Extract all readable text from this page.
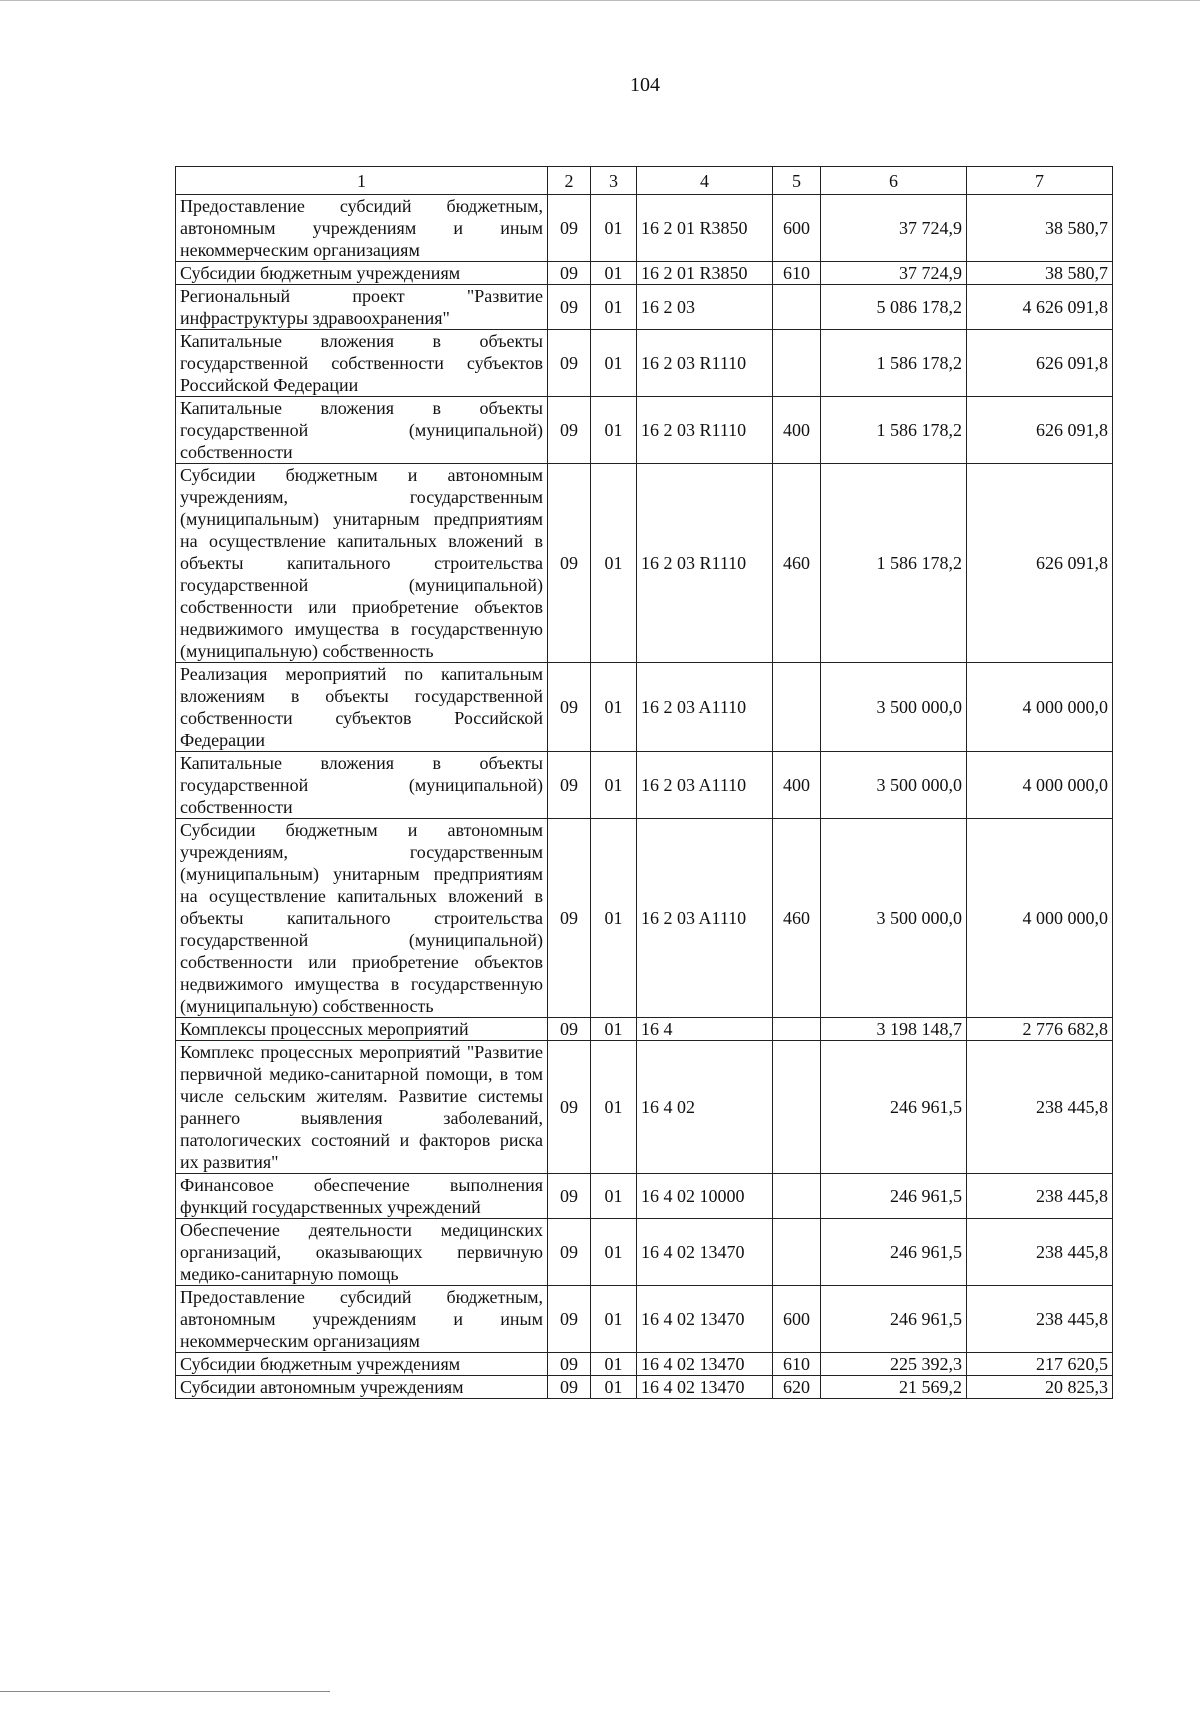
104
1	2	3	4	5	6	7
Предоставление субсидий бюджетным, автономным учреждениям и иным некоммерческим организациям	09	01	16 2 01 R3850	600	37 724,9	38 580,7
Субсидии бюджетным учреждениям	09	01	16 2 01 R3850	610	37 724,9	38 580,7
Региональный проект "Развитие инфраструктуры здравоохранения"	09	01	16 2 03		5 086 178,2	4 626 091,8
Капитальные вложения в объекты государственной собственности субъектов Российской Федерации	09	01	16 2 03 R1110		1 586 178,2	626 091,8
Капитальные вложения в объекты государственной (муниципальной) собственности	09	01	16 2 03 R1110	400	1 586 178,2	626 091,8
Субсидии бюджетным и автономным учреждениям, государственным (муниципальным) унитарным предприятиям на осуществление капитальных вложений в объекты капитального строительства государственной (муниципальной) собственности или приобретение объектов недвижимого имущества в государственную (муниципальную) собственность	09	01	16 2 03 R1110	460	1 586 178,2	626 091,8
Реализация мероприятий по капитальным вложениям в объекты государственной собственности субъектов Российской Федерации	09	01	16 2 03 A1110		3 500 000,0	4 000 000,0
Капитальные вложения в объекты государственной (муниципальной) собственности	09	01	16 2 03 A1110	400	3 500 000,0	4 000 000,0
Субсидии бюджетным и автономным учреждениям, государственным (муниципальным) унитарным предприятиям на осуществление капитальных вложений в объекты капитального строительства государственной (муниципальной) собственности или приобретение объектов недвижимого имущества в государственную (муниципальную) собственность	09	01	16 2 03 A1110	460	3 500 000,0	4 000 000,0
Комплексы процессных мероприятий	09	01	16 4		3 198 148,7	2 776 682,8
Комплекс процессных мероприятий "Развитие первичной медико-санитарной помощи, в том числе сельским жителям. Развитие системы раннего выявления заболеваний, патологических состояний и факторов риска их развития"	09	01	16 4 02		246 961,5	238 445,8
Финансовое обеспечение выполнения функций государственных учреждений	09	01	16 4 02 10000		246 961,5	238 445,8
Обеспечение деятельности медицинских организаций, оказывающих первичную медико-санитарную помощь	09	01	16 4 02 13470		246 961,5	238 445,8
Предоставление субсидий бюджетным, автономным учреждениям и иным некоммерческим организациям	09	01	16 4 02 13470	600	246 961,5	238 445,8
Субсидии бюджетным учреждениям	09	01	16 4 02 13470	610	225 392,3	217 620,5
Субсидии автономным учреждениям	09	01	16 4 02 13470	620	21 569,2	20 825,3
